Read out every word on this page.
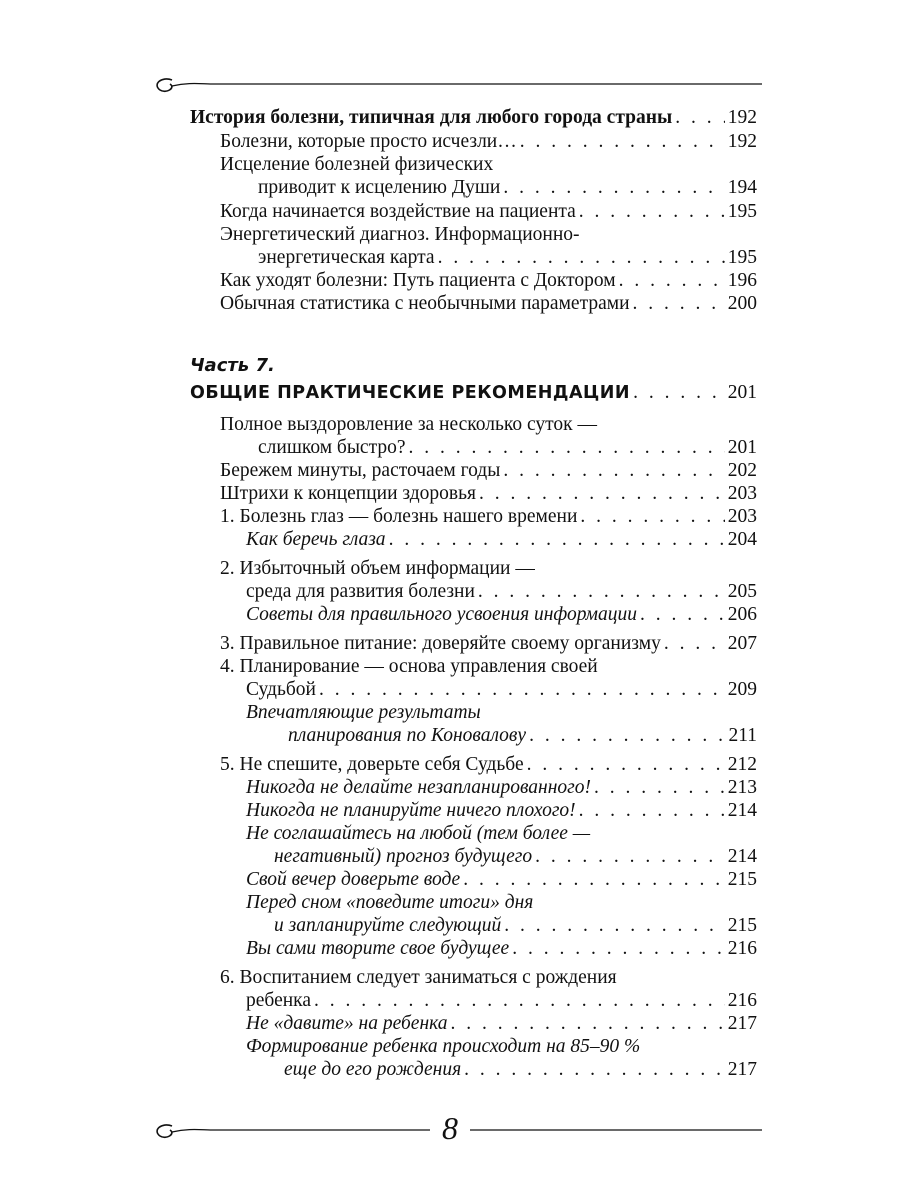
История болезни, типичная для любого города страны . . .	192
Болезни, которые просто исчезли… . . .	192
Исцеление болезней физических
приводит к исцелению Души . . .	194
Когда начинается воздействие на пациента . . .	195
Энергетический диагноз. Информационно-
энергетическая карта . . .	195
Как уходят болезни: Путь пациента с Доктором . . .	196
Обычная статистика с необычными параметрами . . .	200
Часть 7.
ОБЩИЕ ПРАКТИЧЕСКИЕ РЕКОМЕНДАЦИИ . . .	201
Полное выздоровление за несколько суток —
слишком быстро? . . .	201
Бережем минуты, расточаем годы . . .	202
Штрихи к концепции здоровья . . .	203
1. Болезнь глаз — болезнь нашего времени . . .	203
Как беречь глаза . . .	204
2. Избыточный объем информации —
среда для развития болезни . . .	205
Советы для правильного усвоения информации . . .	206
3. Правильное питание: доверяйте своему организму . . .	207
4. Планирование — основа управления своей
Судьбой . . .	209
Впечатляющие результаты
планирования по Коновалову . . .	211
5. Не спешите, доверьте себя Судьбе . . .	212
Никогда не делайте незапланированного! . . .	213
Никогда не планируйте ничего плохого! . . .	214
Не соглашайтесь на любой (тем более —
негативный) прогноз будущего . . .	214
Свой вечер доверьте воде . . .	215
Перед сном «поведите итоги» дня
и запланируйте следующий . . .	215
Вы сами творите свое будущее . . .	216
6. Воспитанием следует заниматься с рождения
ребенка . . .	216
Не «давите» на ребенка . . .	217
Формирование ребенка происходит на 85–90 %
еще до его рождения . . .	217
8
